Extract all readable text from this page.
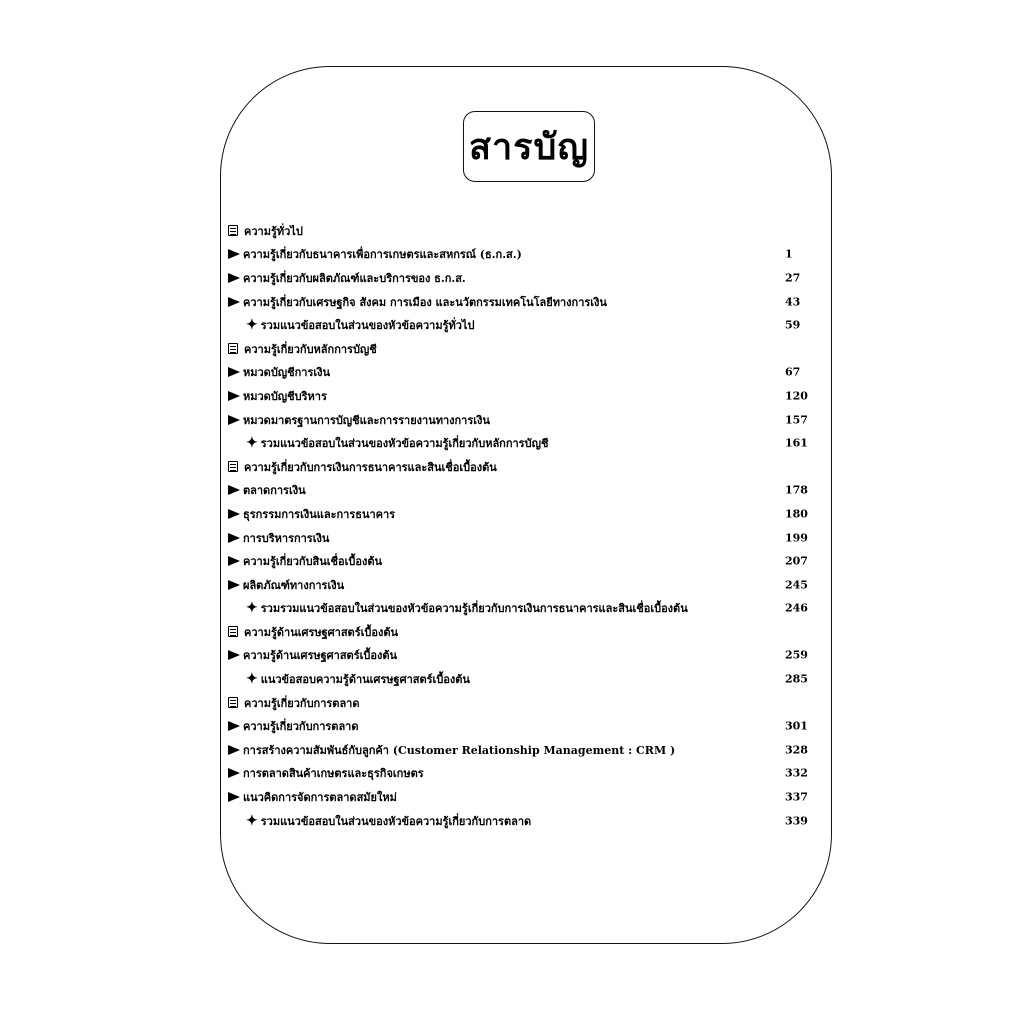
สารบัญ
ความรู้ทั่วไป
ความรู้เกี่ยวกับธนาคารเพื่อการเกษตรและสหกรณ์ (ธ.ก.ส.)	1
ความรู้เกี่ยวกับผลิตภัณฑ์และบริการของ ธ.ก.ส.	27
ความรู้เกี่ยวกับเศรษฐกิจ สังคม การเมือง และนวัตกรรมเทคโนโลยีทางการเงิน	43
✦ รวมแนวข้อสอบในส่วนของหัวข้อความรู้ทั่วไป	59
ความรู้เกี่ยวกับหลักการบัญชี
หมวดบัญชีการเงิน	67
หมวดบัญชีบริหาร	120
หมวดมาตรฐานการบัญชีและการรายงานทางการเงิน	157
✦ รวมแนวข้อสอบในส่วนของหัวข้อความรู้เกี่ยวกับหลักการบัญชี	161
ความรู้เกี่ยวกับการเงินการธนาคารและสินเชื่อเบื้องต้น
ตลาดการเงิน	178
ธุรกรรมการเงินและการธนาคาร	180
การบริหารการเงิน	199
ความรู้เกี่ยวกับสินเชื่อเบื้องต้น	207
ผลิตภัณฑ์ทางการเงิน	245
✦ รวมรวมแนวข้อสอบในส่วนของหัวข้อความรู้เกี่ยวกับการเงินการธนาคารและสินเชื่อเบื้องต้น	246
ความรู้ด้านเศรษฐศาสตร์เบื้องต้น
ความรู้ด้านเศรษฐศาสตร์เบื้องต้น	259
✦ แนวข้อสอบความรู้ด้านเศรษฐศาสตร์เบื้องต้น	285
ความรู้เกี่ยวกับการตลาด
ความรู้เกี่ยวกับการตลาด	301
การสร้างความสัมพันธ์กับลูกค้า (Customer Relationship Management : CRM )	328
การตลาดสินค้าเกษตรและธุรกิจเกษตร	332
แนวคิดการจัดการตลาดสมัยใหม่	337
✦ รวมแนวข้อสอบในส่วนของหัวข้อความรู้เกี่ยวกับการตลาด	339
